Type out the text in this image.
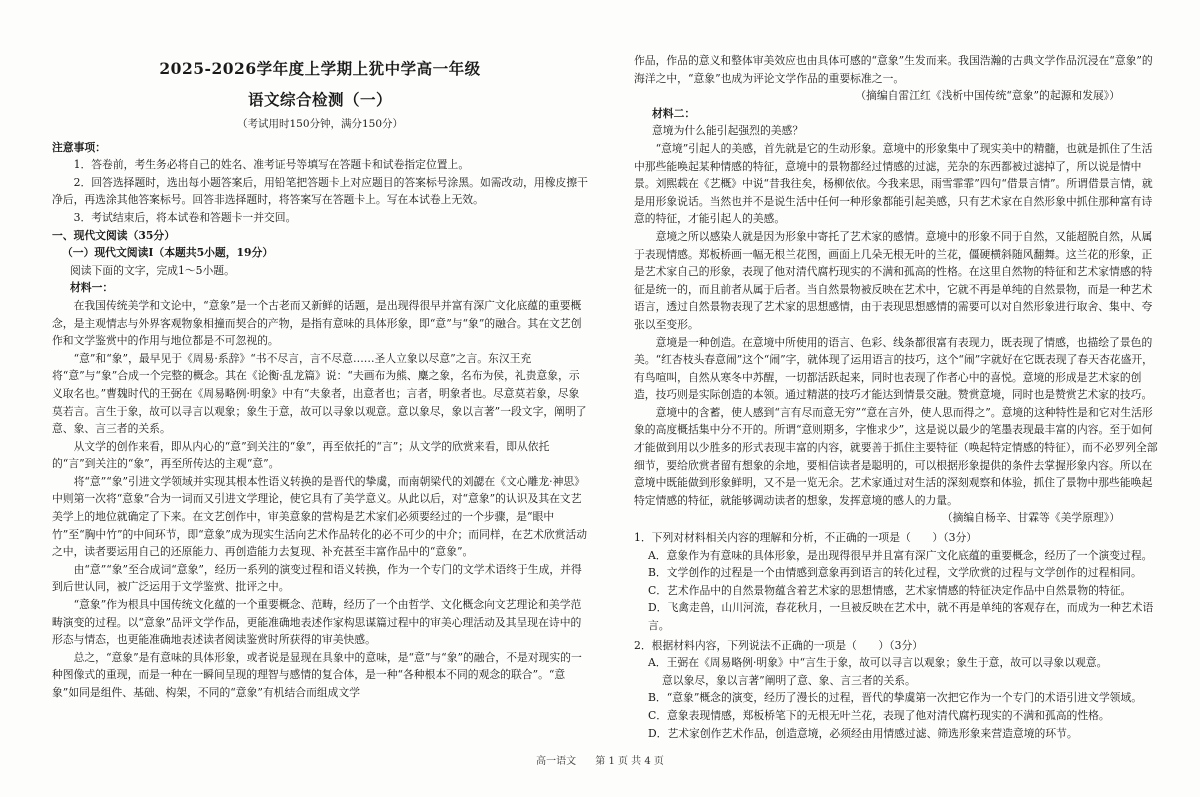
2025-2026学年度上学期上犹中学高一年级
语文综合检测（一）
（考试用时150分钟，满分150分）
注意事项：

1．答卷前，考生务必将自己的姓名、准考证号等填写在答题卡和试卷指定位置上。

2．回答选择题时，选出每小题答案后，用铅笔把答题卡上对应题目的答案标号涂黑。如需改动，用橡皮擦干净后，再选涂其他答案标号。回答非选择题时，将答案写在答题卡上。写在本试卷上无效。

3．考试结束后，将本试卷和答题卡一并交回。

一、现代文阅读（35分）
（一）现代文阅读Ⅰ（本题共5小题，19分）
阅读下面的文字，完成1～5小题。
材料一：

在我国传统美学和文论中，“意象”是一个古老而又新鲜的话题，是出现得很早并富有深广文化底蕴的重要概念，是主观情志与外界客观物象相撞而契合的产物，是指有意味的具体形象，即“意”与“象”的融合。其在文艺创作和文学鉴赏中的作用与地位都是不可忽视的。

“意”和“象”，最早见于《周易·系辞》“书不尽言，言不尽意……圣人立象以尽意”之言。东汉王充将“意”与“象”合成一个完整的概念。其在《论衡·乱龙篇》说：“夫画布为熊、麋之象，名布为侯，礼贵意象，示义取名也。”曹魏时代的王弼在《周易略例·明象》中有“夫象者，出意者也；言者，明象者也。尽意莫若象，尽象莫若言。言生于象，故可以寻言以观象；象生于意，故可以寻象以观意。意以象尽，象以言著”一段文字，阐明了意、象、言三者的关系。

从文学的创作来看，即从内心的“意”到关注的“象”，再至依托的“言”；从文学的欣赏来看，即从依托的“言”到关注的“象”，再至所传达的主观“意”。

将“意”“象”引进文学领域并实现其根本性语义转换的是晋代的挚虞，而南朝梁代的刘勰在《文心雕龙·神思》中则第一次将“意象”合为一词而又引进文学理论，使它具有了美学意义。从此以后，对“意象”的认识及其在文艺美学上的地位就确定了下来。在文艺创作中，审美意象的营构是艺术家们必须要经过的一个步骤，是“眼中竹”至“胸中竹”的中间环节，即“意象”成为现实生活向艺术作品转化的必不可少的中介；而同样，在艺术欣赏活动之中，读者要运用自己的还原能力、再创造能力去复现、补充甚至丰富作品中的“意象”。

由“意”“象”至合成词“意象”，经历一系列的演变过程和语义转换，作为一个专门的文学术语终于生成，并得到后世认同，被广泛运用于文学鉴赏、批评之中。

“意象”作为根具中国传统文化蕴的一个重要概念、范畴，经历了一个由哲学、文化概念向文艺理论和美学范畴演变的过程。以“意象”品评文学作品，更能准确地表述作家构思谋篇过程中的审美心理活动及其呈现在诗中的形态与情态，也更能准确地表述读者阅读鉴赏时所获得的审美快感。

总之，“意象”是有意味的具体形象，或者说是显现在具象中的意味，是“意”与“象”的融合，不是对现实的一种图像式的重现，而是一种在一瞬间呈现的理智与感情的复合体，是一种“各种根本不同的观念的联合”。“意象”如同是组件、基础、构架，不同的“意象”有机结合而组成文学

作品，作品的意义和整体审美效应也由具体可感的“意象”生发而来。我国浩瀚的古典文学作品沉浸在“意象”的海洋之中，“意象”也成为评论文学作品的重要标准之一。

（摘编自雷江红《浅析中国传统“意象”的起源和发展》）

材料二：
意境为什么能引起强烈的美感？

“意境”引起人的美感，首先就是它的生动形象。意境中的形象集中了现实美中的精髓，也就是抓住了生活中那些能唤起某种情感的特征，意境中的景物都经过情感的过滤，芜杂的东西都被过滤掉了，所以说是情中景。刘熙载在《艺概》中说“昔我往矣，杨柳依依。今我来思，雨雪霏霏”四句“借景言情”。所谓借景言情，就是用形象说话。当然也并不是说生活中任何一种形象都能引起美感，只有艺术家在自然形象中抓住那种富有诗意的特征，才能引起人的美感。

意境之所以感染人就是因为形象中寄托了艺术家的感情。意境中的形象不同于自然，又能超脱自然，从属于表现情感。郑板桥画一幅无根兰花图，画面上几朵无根无叶的兰花，僵硬横斜随风翻舞。这兰花的形象，正是艺术家自己的形象，表现了他对清代腐朽现实的不满和孤高的性格。在这里自然物的特征和艺术家情感的特征是统一的，而且前者从属于后者。当自然景物被反映在艺术中，它就不再是单纯的自然景物，而是一种艺术语言，透过自然景物表现了艺术家的思想感情，由于表现思想感情的需要可以对自然形象进行取舍、集中、夸张以至变形。

意境是一种创造。在意境中所使用的语言、色彩、线条都很富有表现力，既表现了情感，也描绘了景色的美。“红杏枝头春意闹”这个“闹”字，就体现了运用语言的技巧，这个“闹”字就好在它既表现了春天杏花盛开，有鸟喧叫，自然从寒冬中苏醒，一切都活跃起来，同时也表现了作者心中的喜悦。意境的形成是艺术家的创造，技巧则是实际创造的本领。通过精湛的技巧才能达到情景交融。赞赏意境，同时也是赞赏艺术家的技巧。

意境中的含蓄，使人感到“言有尽而意无穷”“意在言外，使人思而得之”。意境的这种特性是和它对生活形象的高度概括集中分不开的。所谓“意则期多，字惟求少”，这是说以最少的笔墨表现最丰富的内容。至于如何才能做到用以少胜多的形式表现丰富的内容，就要善于抓住主要特征（唤起特定情感的特征），而不必罗列全部细节，要给欣赏者留有想象的余地，要相信读者是聪明的，可以根据形象提供的条件去掌握形象内容。所以在意境中既能做到形象鲜明，又不是一览无余。艺术家通过对生活的深刻观察和体验，抓住了景物中那些能唤起特定情感的特征，就能够调动读者的想象，发挥意境的感人的力量。

（摘编自杨辛、甘霖等《美学原理》）

1．下列对材料相关内容的理解和分析，不正确的一项是（　　）（3分）

A．意象作为有意味的具体形象，是出现得很早并且富有深广文化底蕴的重要概念，经历了一个演变过程。

B．文学创作的过程是一个由情感到意象再到语言的转化过程，文学欣赏的过程与文学创作的过程相同。

C．艺术作品中的自然景物蕴含着艺术家的思想情感，艺术家情感的特征决定作品中自然景物的特征。

D．飞禽走兽，山川河流，春花秋月，一旦被反映在艺术中，就不再是单纯的客观存在，而成为一种艺术语言。

2．根据材料内容，下列说法不正确的一项是（　　）（3分）

A．王弼在《周易略例·明象》中“言生于象，故可以寻言以观象；象生于意，故可以寻象以观意。

意以象尽，象以言著”阐明了意、象、言三者的关系。

B．“意象”概念的演变，经历了漫长的过程，晋代的挚虞第一次把它作为一个专门的术语引进文学领域。

C．意象表现情感，郑板桥笔下的无根无叶兰花，表现了他对清代腐朽现实的不满和孤高的性格。

D．艺术家创作艺术作品，创造意境，必须经由用情感过滤、筛选形象来营造意境的环节。

高一语文 第 1 页 共 4 页
